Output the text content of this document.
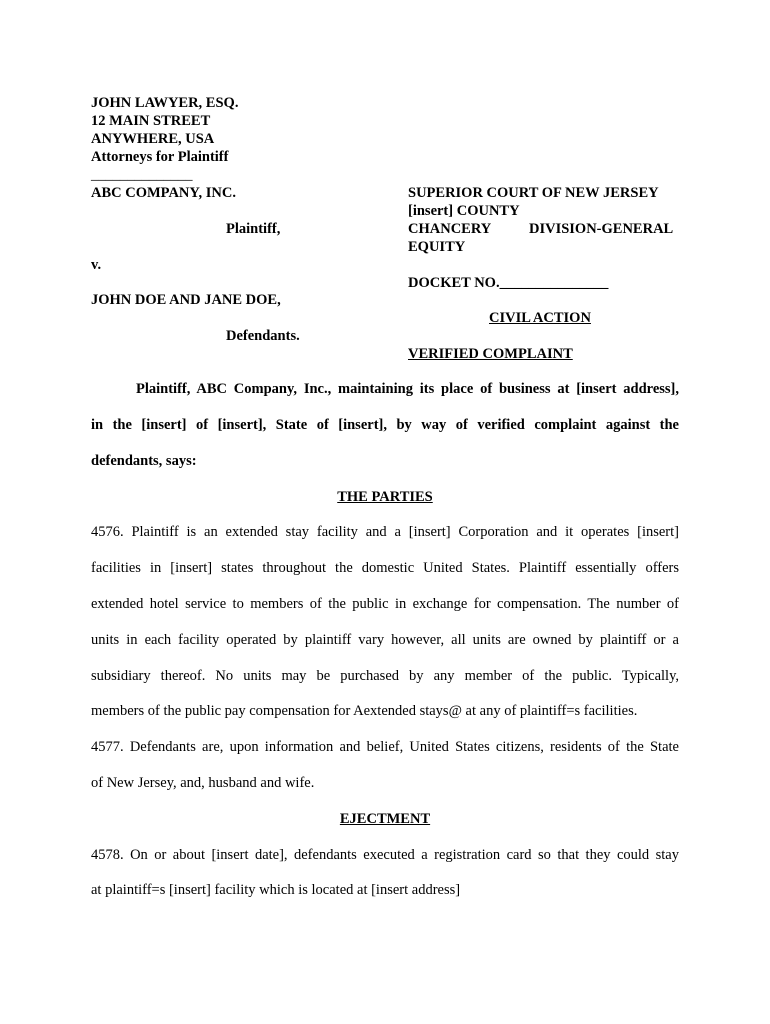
JOHN LAWYER, ESQ.
12 MAIN STREET
ANYWHERE, USA
Attorneys for Plaintiff
______________
ABC COMPANY, INC.
Plaintiff,
v.
JOHN DOE AND JANE DOE,
Defendants.
SUPERIOR COURT OF NEW JERSEY
[insert] COUNTY
CHANCERY	DIVISION-GENERAL
EQUITY
DOCKET NO._______________
CIVIL ACTION
VERIFIED COMPLAINT
Plaintiff, ABC Company, Inc., maintaining its place of business at [insert address],
in the [insert] of [insert], State of [insert], by way of verified complaint against the
defendants, says:
THE PARTIES
4576. Plaintiff is an extended stay facility and a [insert] Corporation and it operates [insert]
facilities in [insert] states throughout the domestic United States. Plaintiff essentially offers
extended hotel service to members of the public in exchange for compensation. The number of
units in each facility operated by plaintiff vary however, all units are owned by plaintiff or a
subsidiary thereof. No units may be purchased by any member of the public. Typically,
members of the public pay compensation for Aextended stays@ at any of plaintiff=s facilities.
4577. Defendants are, upon information and belief, United States citizens, residents of the State
of New Jersey, and, husband and wife.
EJECTMENT
4578. On or about [insert date], defendants executed a registration card so that they could stay
at plaintiff=s [insert] facility which is located at [insert address]
